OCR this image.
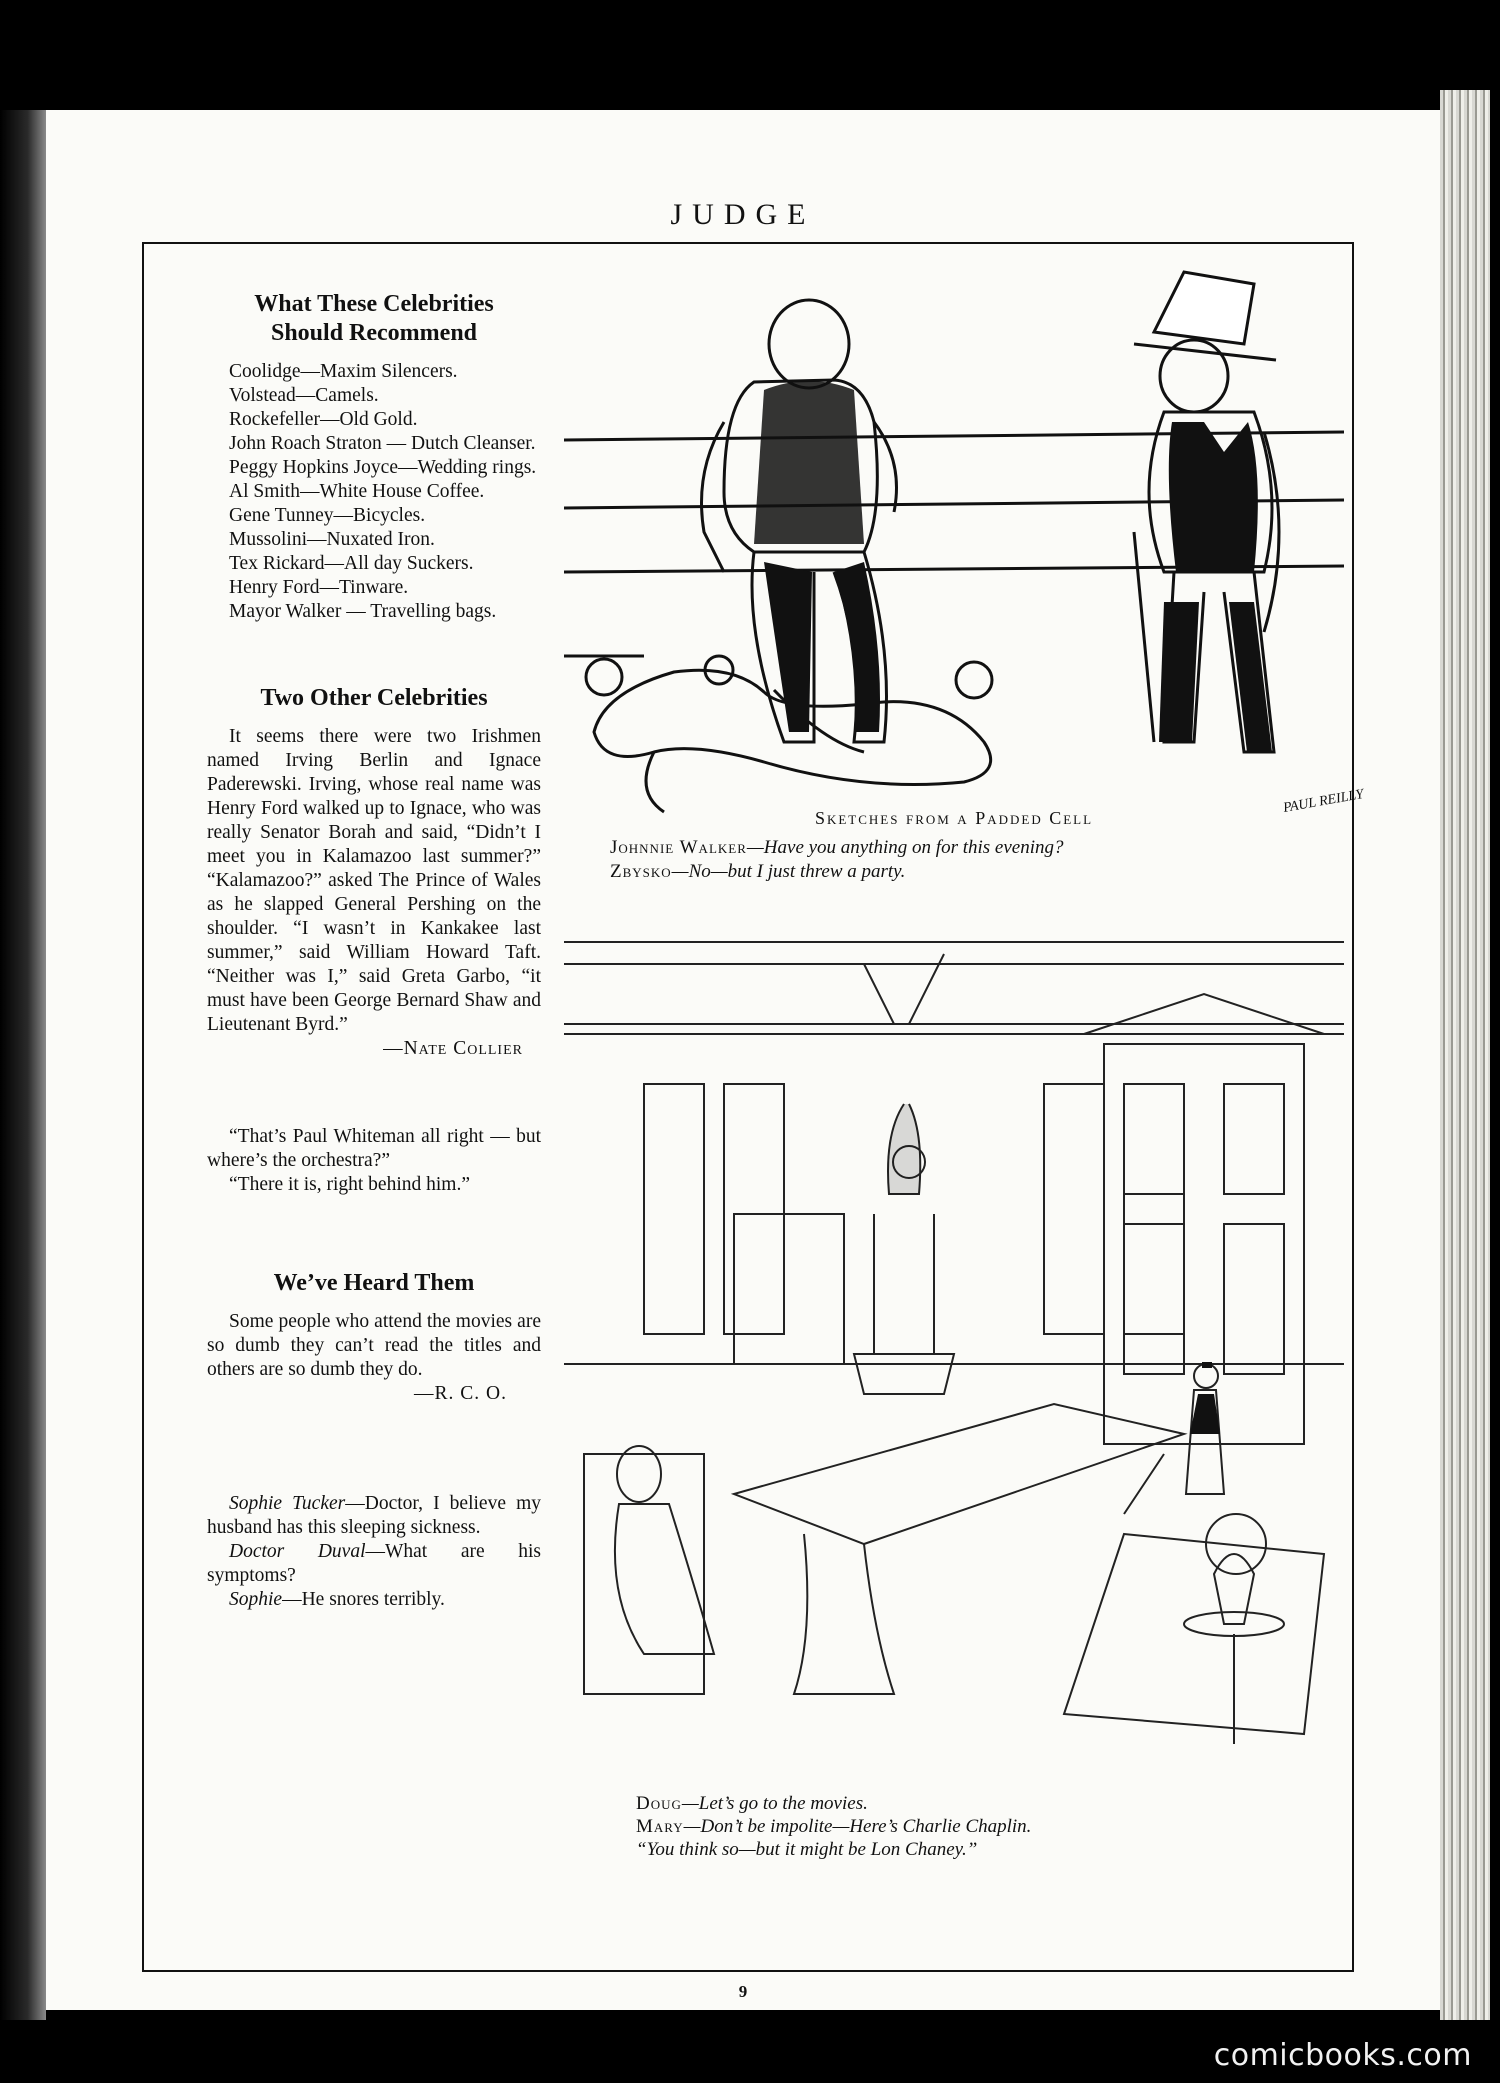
JUDGE
What These Celebrities
Should Recommend

Coolidge—Maxim Silencers.

Volstead—Camels.

Rockefeller—Old Gold.

John Roach Straton — Dutch Cleanser.

Peggy Hopkins Joyce—Wedding rings.

Al Smith—White House Coffee.

Gene Tunney—Bicycles.

Mussolini—Nuxated Iron.

Tex Rickard—All day Suckers.

Henry Ford—Tinware.

Mayor Walker — Travelling bags.

Two Other Celebrities

It seems there were two Irishmen named Irving Berlin and Ignace Paderewski. Irving, whose real name was Henry Ford walked up to Ignace, who was really Senator Borah and said, “Didn’t I meet you in Kalamazoo last summer?” “Kalamazoo?” asked The Prince of Wales as he slapped General Pershing on the shoulder. “I wasn’t in Kankakee last summer,” said William Howard Taft. “Neither was I,” said Greta Garbo, “it must have been George Bernard Shaw and Lieutenant Byrd.”

—Nate Collier

“That’s Paul Whiteman all right — but where’s the orchestra?”

“There it is, right behind him.”

We’ve Heard Them

Some people who attend the movies are so dumb they can’t read the titles and others are so dumb they do.

—R. C. O.

Sophie Tucker—Doctor, I believe my husband has this sleeping sickness.

Doctor Duval—What are his symptoms?

Sophie—He snores terribly.

PAUL REILLY
Sketches from a Padded Cell
Johnnie Walker—Have you anything on for this evening?
Zbysko—No—but I just threw a party.
Doug—Let’s go to the movies.
Mary—Don’t be impolite—Here’s Charlie Chaplin.
“You think so—but it might be Lon Chaney.”
9
comicbooks.com
